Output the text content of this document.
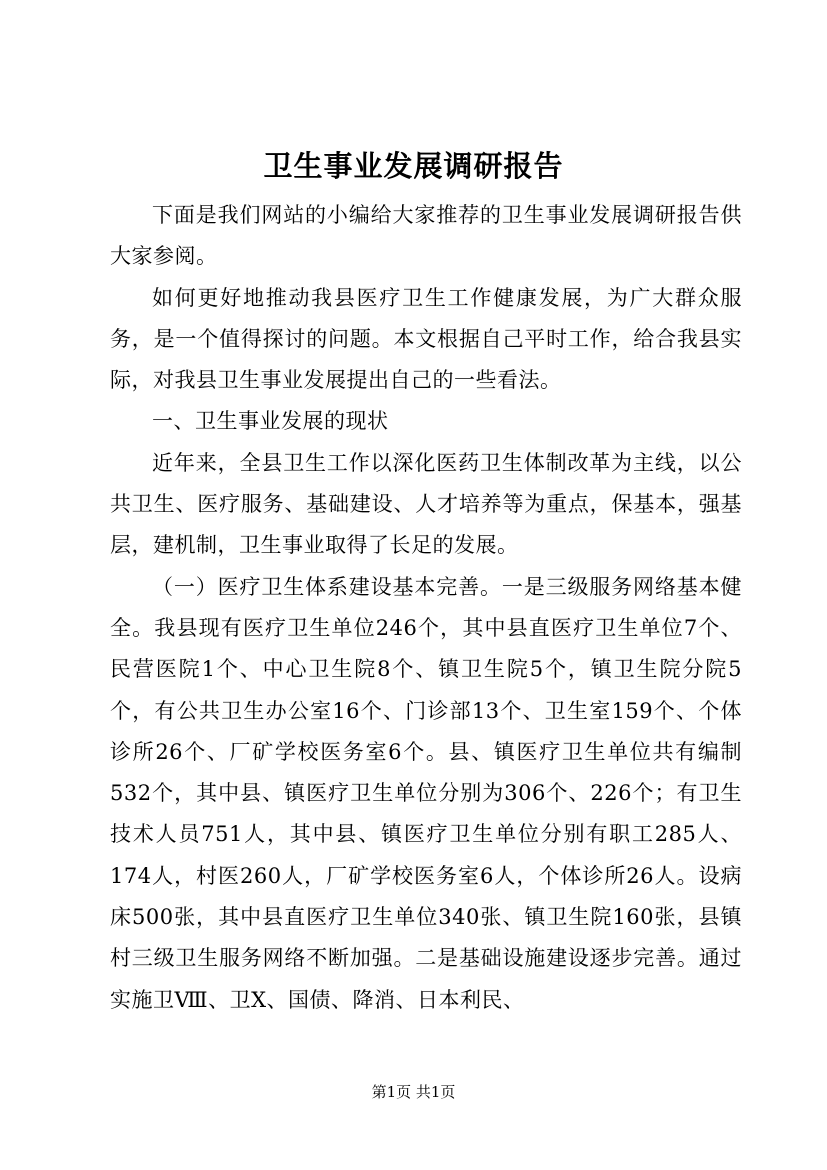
卫生事业发展调研报告

下面是我们网站的小编给大家推荐的卫生事业发展调研报告供大家参阅。

如何更好地推动我县医疗卫生工作健康发展，为广大群众服务，是一个值得探讨的问题。本文根据自己平时工作，给合我县实际，对我县卫生事业发展提出自己的一些看法。

一、卫生事业发展的现状

近年来，全县卫生工作以深化医药卫生体制改革为主线，以公共卫生、医疗服务、基础建设、人才培养等为重点，保基本，强基层，建机制，卫生事业取得了长足的发展。

（一）医疗卫生体系建设基本完善。一是三级服务网络基本健全。我县现有医疗卫生单位246个，其中县直医疗卫生单位7个、民营医院1个、中心卫生院8个、镇卫生院5个，镇卫生院分院5个，有公共卫生办公室16个、门诊部13个、卫生室159个、个体诊所26个、厂矿学校医务室6个。县、镇医疗卫生单位共有编制532个，其中县、镇医疗卫生单位分别为306个、226个；有卫生技术人员751人，其中县、镇医疗卫生单位分别有职工285人、174人，村医260人，厂矿学校医务室6人，个体诊所26人。设病床500张，其中县直医疗卫生单位340张、镇卫生院160张，县镇村三级卫生服务网络不断加强。二是基础设施建设逐步完善。通过实施卫Ⅷ、卫Ⅹ、国债、降消、日本利民、

第1页 共1页
